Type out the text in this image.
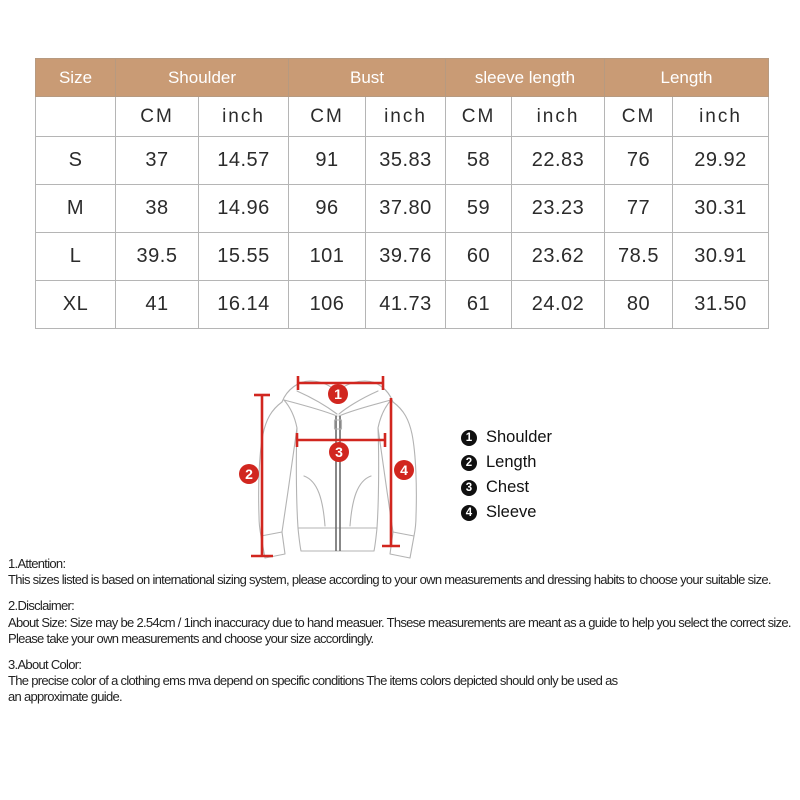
Size	Shoulder		Bust		sleeve length		Length	
	CM	inch	CM	inch	CM	inch	CM	inch
S	37	14.57	91	35.83	58	22.83	76	29.92
M	38	14.96	96	37.80	59	23.23	77	30.31
L	39.5	15.55	101	39.76	60	23.62	78.5	30.91
XL	41	16.14	106	41.73	61	24.02	80	31.50
1
2
3
4
1 Shoulder
2 Length
3 Chest
4 Sleeve
1.Attention:
This sizes listed is based on international sizing system, please according to your own measurements and dressing habits to choose your suitable size.
2.Disclaimer:
About Size: Size may be 2.54cm / 1inch inaccuracy due to hand measuer. Thsese measurements are meant as a guide to help you select the correct size.
Please take your own measurements and choose your size accordingly.
3.About Color:
The precise color of a clothing ems mva depend on specific conditions The items colors depicted should only be used as
an approximate guide.
